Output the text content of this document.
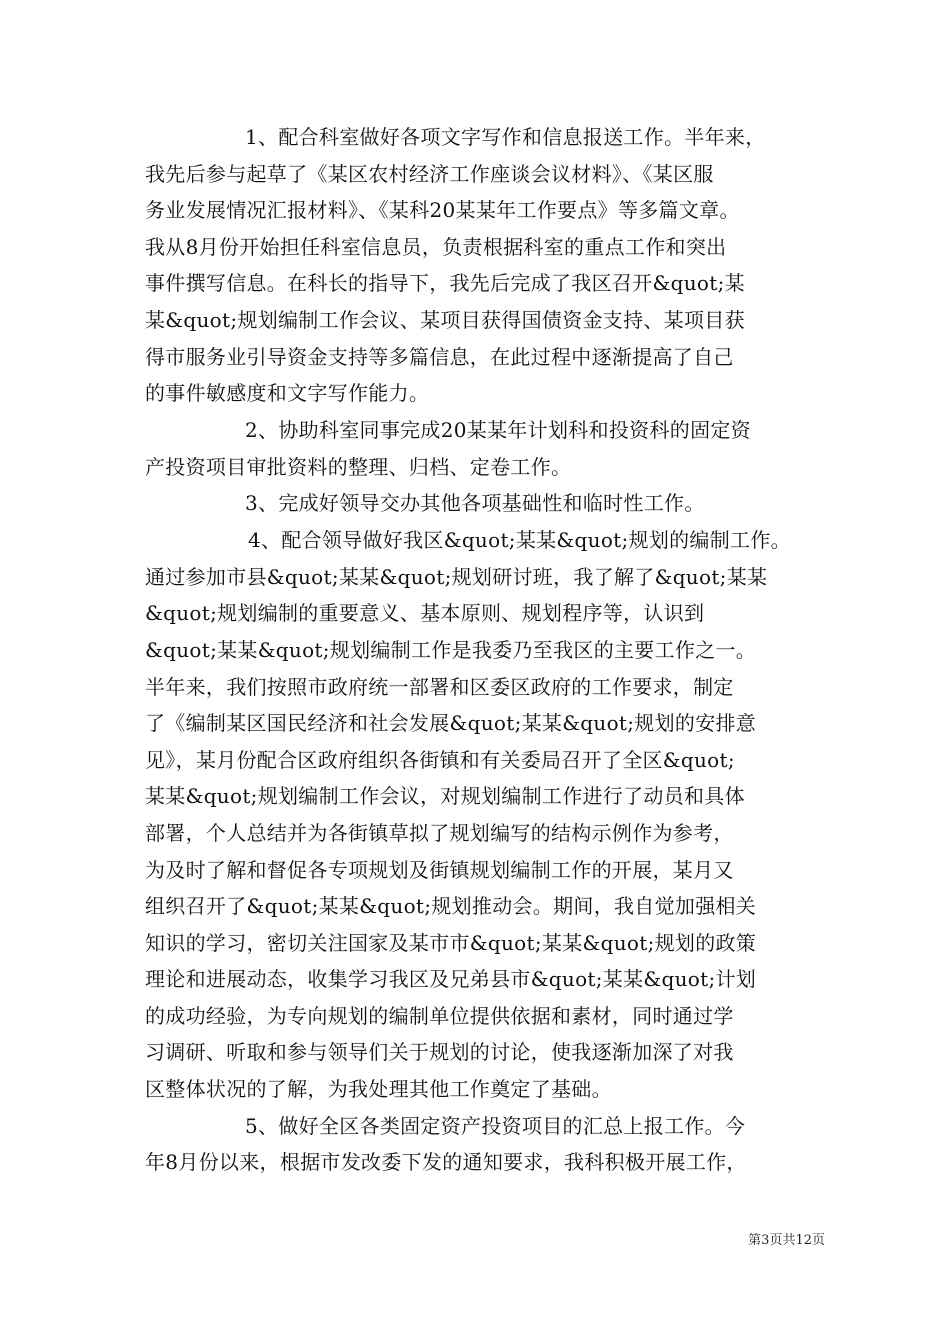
1、配合科室做好各项文字写作和信息报送工作。半年来，
我先后参与起草了《某区农村经济工作座谈会议材料》、《某区服
务业发展情况汇报材料》、《某科20某某年工作要点》等多篇文章。
我从8月份开始担任科室信息员，负责根据科室的重点工作和突出
事件撰写信息。在科长的指导下，我先后完成了我区召开&quot;某
某&quot;规划编制工作会议、某项目获得国债资金支持、某项目获
得市服务业引导资金支持等多篇信息，在此过程中逐渐提高了自己
的事件敏感度和文字写作能力。
2、协助科室同事完成20某某年计划科和投资科的固定资
产投资项目审批资料的整理、归档、定卷工作。
3、完成好领导交办其他各项基础性和临时性工作。
4、配合领导做好我区&quot;某某&quot;规划的编制工作。
通过参加市县&quot;某某&quot;规划研讨班，我了解了&quot;某某
&quot;规划编制的重要意义、基本原则、规划程序等，认识到
&quot;某某&quot;规划编制工作是我委乃至我区的主要工作之一。
半年来，我们按照市政府统一部署和区委区政府的工作要求，制定
了《编制某区国民经济和社会发展&quot;某某&quot;规划的安排意
见》，某月份配合区政府组织各街镇和有关委局召开了全区&quot;
某某&quot;规划编制工作会议，对规划编制工作进行了动员和具体
部署，个人总结并为各街镇草拟了规划编写的结构示例作为参考，
为及时了解和督促各专项规划及街镇规划编制工作的开展，某月又
组织召开了&quot;某某&quot;规划推动会。期间，我自觉加强相关
知识的学习，密切关注国家及某市市&quot;某某&quot;规划的政策
理论和进展动态，收集学习我区及兄弟县市&quot;某某&quot;计划
的成功经验，为专向规划的编制单位提供依据和素材，同时通过学
习调研、听取和参与领导们关于规划的讨论，使我逐渐加深了对我
区整体状况的了解，为我处理其他工作奠定了基础。
5、做好全区各类固定资产投资项目的汇总上报工作。今
年8月份以来，根据市发改委下发的通知要求，我科积极开展工作，
第3页共12页
